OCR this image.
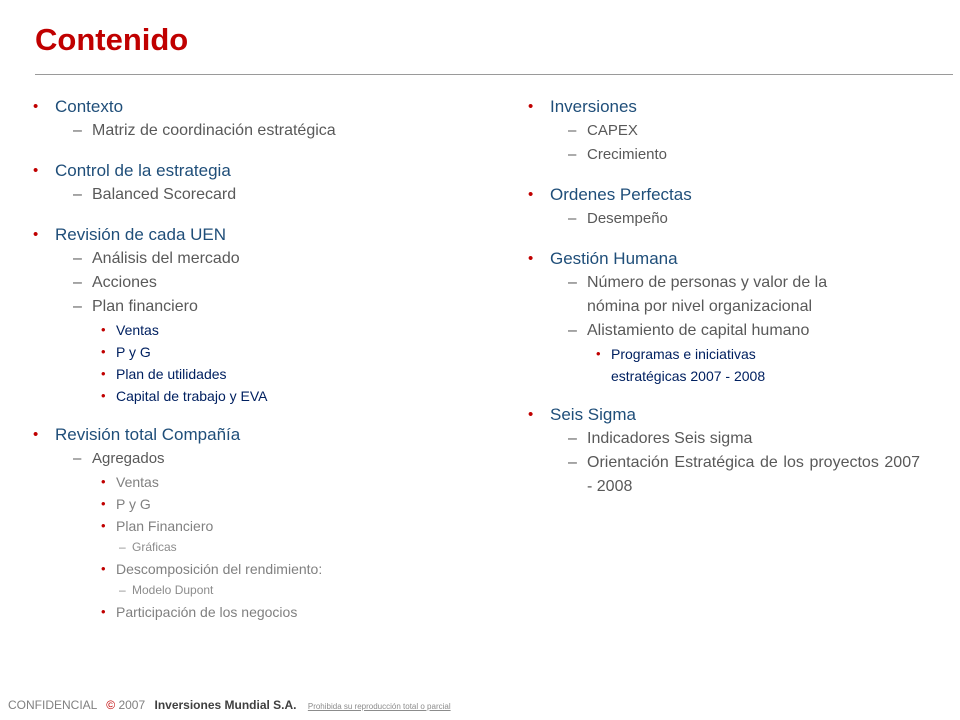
Contenido
• Contexto
– Matriz de coordinación estratégica
• Control de la estrategia
– Balanced Scorecard
• Revisión de cada UEN
– Análisis del mercado
– Acciones
– Plan financiero
• Ventas
• P y G
• Plan de utilidades
• Capital de trabajo y EVA
• Revisión total Compañía
– Agregados
• Ventas
• P y G
• Plan Financiero
– Gráficas
• Descomposición del rendimiento:
– Modelo Dupont
• Participación de los negocios
• Inversiones
– CAPEX
– Crecimiento
• Ordenes Perfectas
– Desempeño
• Gestión Humana
– Número de personas y valor de la nómina por nivel organizacional
– Alistamiento de capital humano
• Programas e iniciativas estratégicas 2007 - 2008
• Seis Sigma
– Indicadores Seis sigma
– Orientación Estratégica de los proyectos 2007 - 2008
CONFIDENCIAL © 2007 Inversiones Mundial S.A. Prohibida su reproducción total o parcial
